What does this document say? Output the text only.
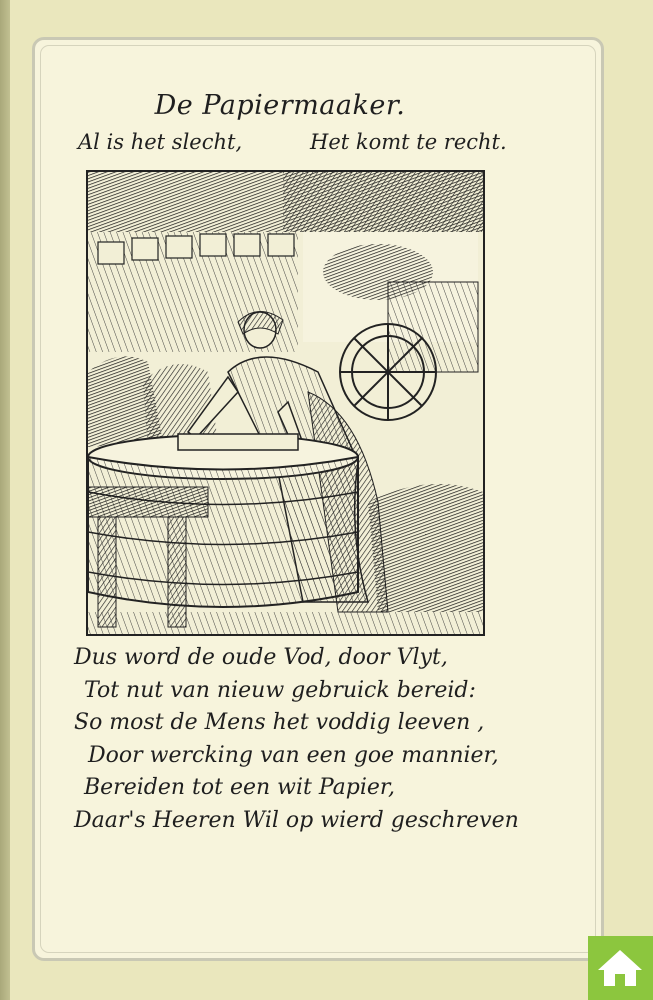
De Papiermaaker.
Al is het slecht,	Het komt te recht.
Dus word de oude Vod, door Vlyt,
Tot nut van nieuw gebruick bereid:
So most de Mens het voddig leeven ,
Door wercking van een goe mannier,
Bereiden tot een wit Papier,
Daar's Heeren Wil op wierd geschreven
